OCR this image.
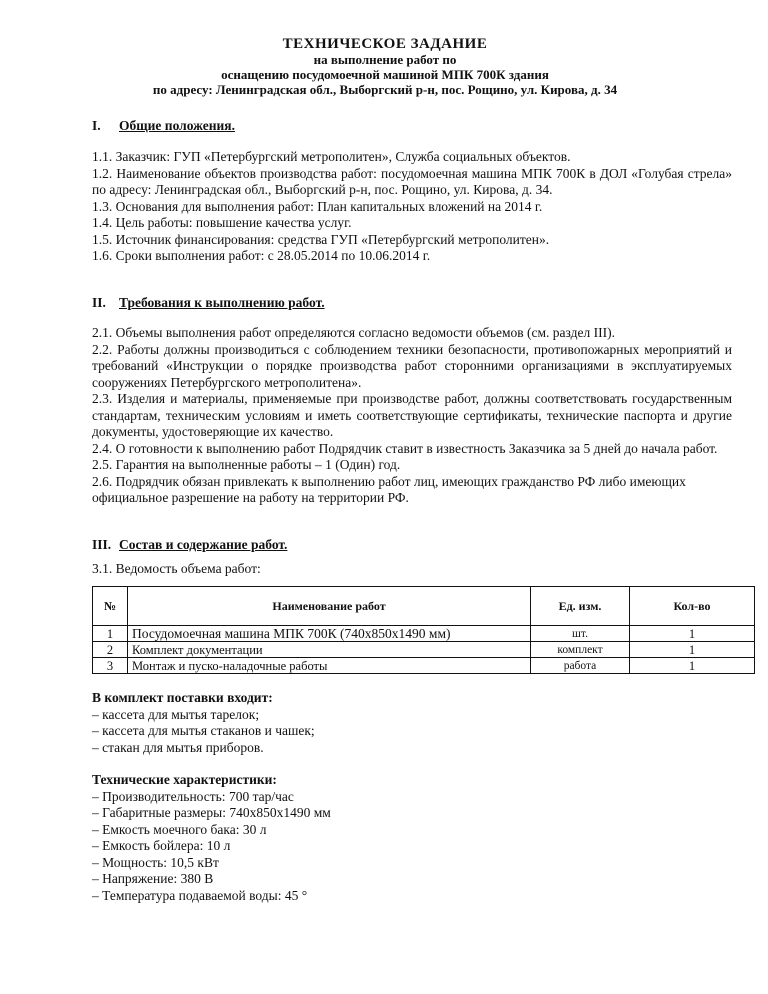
ТЕХНИЧЕСКОЕ ЗАДАНИЕ
на выполнение работ по
оснащению посудомоечной машиной МПК 700К здания
по адресу: Ленинградская обл., Выборгский р-н, пос. Рощино, ул. Кирова, д. 34
I. Общие положения.

1.1. Заказчик: ГУП «Петербургский метрополитен», Служба социальных объектов.

1.2. Наименование объектов производства работ: посудомоечная машина МПК 700К в ДОЛ «Голубая стрела» по адресу: Ленинградская обл., Выборгский р-н, пос. Рощино, ул. Кирова, д. 34.

1.3. Основания для выполнения работ: План капитальных вложений на 2014 г.

1.4. Цель работы: повышение качества услуг.

1.5. Источник финансирования: средства ГУП «Петербургский метрополитен».

1.6. Сроки выполнения работ: с 28.05.2014 по 10.06.2014 г.

II. Требования к выполнению работ.

2.1. Объемы выполнения работ определяются согласно ведомости объемов (см. раздел III).

2.2. Работы должны производиться с соблюдением техники безопасности, противопожарных мероприятий и требований «Инструкции о порядке производства работ сторонними организациями в эксплуатируемых сооружениях Петербургского метрополитена».

2.3. Изделия и материалы, применяемые при производстве работ, должны соответствовать государственным стандартам, техническим условиям и иметь соответствующие сертификаты, технические паспорта и другие документы, удостоверяющие их качество.

2.4. О готовности к выполнению работ Подрядчик ставит в известность Заказчика за 5 дней до начала работ.

2.5. Гарантия на выполненные работы – 1 (Один) год.

2.6. Подрядчик обязан привлекать к выполнению работ лиц, имеющих гражданство РФ либо имеющих официальное разрешение на работу на территории РФ.

III. Состав и содержание работ.
3.1. Ведомость объема работ:
№	Наименование работ	Ед. изм.	Кол-во
1	Посудомоечная машина МПК 700К (740x850x1490 мм)	шт.	1
2	Комплект документации	комплект	1
3	Монтаж и пуско-наладочные работы	работа	1
В комплект поставки входит:
– кассета для мытья тарелок;
– кассета для мытья стаканов и чашек;
– стакан для мытья приборов.
Технические характеристики:
– Производительность: 700 тар/час
– Габаритные размеры: 740x850x1490 мм
– Емкость моечного бака: 30 л
– Емкость бойлера: 10 л
– Мощность: 10,5 кВт
– Напряжение: 380 В
– Температура подаваемой воды: 45 °
